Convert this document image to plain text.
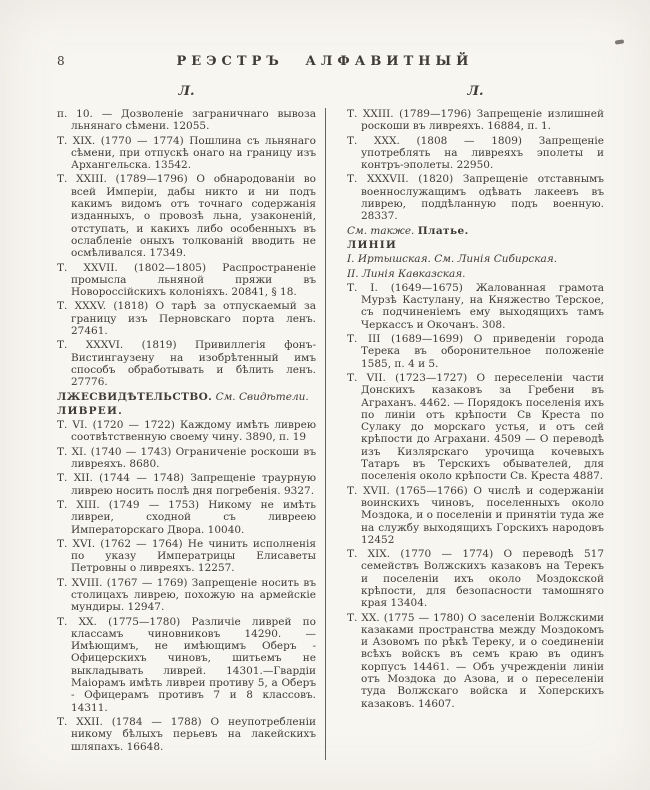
8	РЕЭСТРЪ АЛФАВИТНЫЙ
Л.

п. 10. — Дозволеніе заграничнаго вывоза льнянаго сѣмени. 12055.

Т. XIX. (1770 — 1774) Пошлина съ льнянаго сѣмени, при отпускѣ онаго на границу изъ Архангельска. 13542.

Т. XXIII. (1789—1796) О обнародованіи во всей Имперіи, дабы никто и ни подъ какимъ видомъ отъ точнаго содержанія изданныхъ, о провозѣ льна, узаконеній, отступать, и какихъ либо особенныхъ въ ослабленіе оныхъ толкованій вводить не осмѣливался. 17349.

Т. XXVII. (1802—1805) Распространеніе промысла льняной пряжи въ Новороссійскихъ колоніяхъ. 20841, § 18.

Т. XXXV. (1818) О тарѣ за отпускаемый за границу изъ Перновскаго порта ленъ. 27461.

Т. XXXVI. (1819) Привиллегія фонъ-Вистингаузену на изобрѣтенный имъ способъ обработывать и бѣлить ленъ. 27776.

ЛЖЕСВИДѢТЕЛЬСТВО. См. Свидѣтели.

ЛИВРЕИ.

Т. VI. (1720 — 1722) Каждому имѣть ливрею соотвѣтственную своему чину. 3890, п. 19

Т. XI. (1740 — 1743) Ограниченіе роскоши въ ливреяхъ. 8680.

Т. XII. (1744 — 1748) Запрещеніе траурную ливрею носить послѣ дня погребенія. 9327.

Т. XIII. (1749 — 1753) Никому не имѣть ливреи, сходной съ ливреею Императорскаго Двора. 10040.

Т. XVI. (1762 — 1764) Не чинить исполненія по указу Императрицы Елисаветы Петровны о ливреяхъ. 12257.

Т. XVIII. (1767 — 1769) Запрещеніе носить въ столицахъ ливрею, похожую на армейскіе мундиры. 12947.

Т. XX. (1775—1780) Различіе ливрей по классамъ чиновниковъ 14290. — Имѣющимъ, не имѣющимъ Оберъ - Офицерскихъ чиновъ, шитьемъ не выкладывать ливрей. 14301.—Гвардіи Маіорамъ имѣть ливреи противу 5, а Оберъ - Офицерамъ противъ 7 и 8 классовъ. 14311.

Т. XXII. (1784 — 1788) О неупотребленіи никому бѣлыхъ перьевъ на лакейскихъ шляпахъ. 16648.

Л.

Т. XXIII. (1789—1796) Запрещеніе излишней роскоши въ ливреяхъ. 16884, п. 1.

Т. XXX. (1808 — 1809) Запрещеніе употреблять на ливреяхъ эполеты и контръ-эполеты. 22950.

Т. XXXVII. (1820) Запрещеніе отставнымъ военнослужащимъ одѣвать лакеевъ въ ливрею, поддѣланную подъ военную. 28337.

См. также. Платье.

ЛИНІИ

I. Иртышская. См. Линія Сибирская.

II. Линія Кавказская.

Т. I. (1649—1675) Жалованная грамота Мурзѣ Кастулану, на Княжество Терское, съ подчиненіемъ ему выходящихъ тамъ Черкассъ и Окочанъ. 308.

Т. III (1689—1699) О приведеніи города Терека въ оборонительное положеніе 1585, п. 4 и 5.

Т. VII. (1723—1727) О переселеніи части Донскихъ казаковъ за Гребени въ Аграханъ. 4462. — Порядокъ поселенія ихъ по линіи отъ крѣпости Св Креста по Сулаку до морскаго устья, и отъ сей крѣпости до Аграхани. 4509 — О переводѣ изъ Кизлярскаго урочища кочевыхъ Татаръ въ Терскихъ обывателей, для поселенія около крѣпости Св. Креста 4887.

Т. XVII. (1765—1766) О числѣ и содержаніи воинскихъ чиновъ, поселенныхъ около Моздока, и о поселеніи и принятіи туда же на службу выходящихъ Горскихъ народовъ 12452

Т. XIX. (1770 — 1774) О переводѣ 517 семействъ Волжскихъ казаковъ на Терекъ и поселеніи ихъ около Моздокской крѣпости, для безопасности тамошняго края 13404.

Т. XX. (1775 — 1780) О заселеніи Волжскими казаками пространства между Моздокомъ и Азовомъ по рѣкѣ Тереку, и о соединеніи всѣхъ войскъ въ семъ краю въ одинъ корпусъ 14461. — Объ учрежденіи линіи отъ Моздока до Азова, и о переселеніи туда Волжскаго войска и Хоперскихъ казаковъ. 14607.
